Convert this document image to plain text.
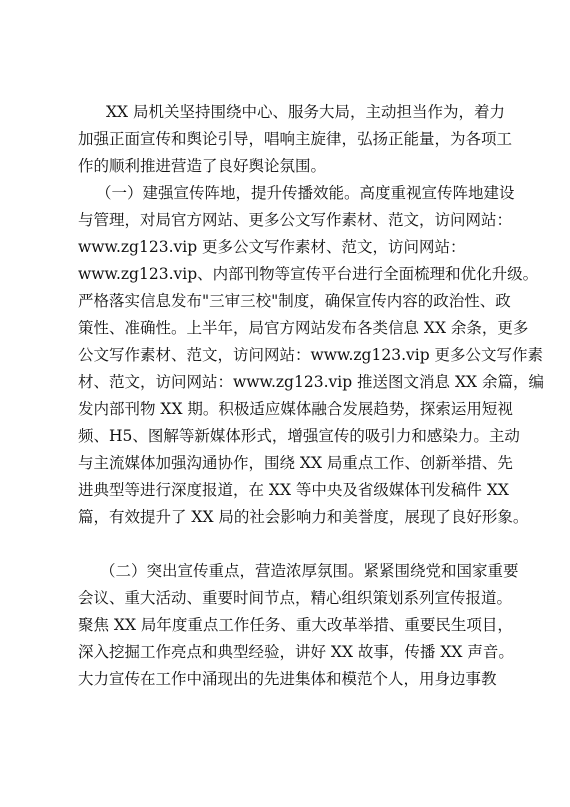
XX 局机关坚持围绕中心、服务大局，主动担当作为，着力

加强正面宣传和舆论引导，唱响主旋律，弘扬正能量，为各项工

作的顺利推进营造了良好舆论氛围。

（一）建强宣传阵地，提升传播效能。高度重视宣传阵地建设

与管理，对局官方网站、更多公文写作素材、范文，访问网站：

www.zg123.vip 更多公文写作素材、范文，访问网站：

www.zg123.vip、内部刊物等宣传平台进行全面梳理和优化升级。

严格落实信息发布"三审三校"制度，确保宣传内容的政治性、政

策性、准确性。上半年，局官方网站发布各类信息 XX 余条，更多

公文写作素材、范文，访问网站：www.zg123.vip 更多公文写作素

材、范文，访问网站：www.zg123.vip 推送图文消息 XX 余篇，编

发内部刊物 XX 期。积极适应媒体融合发展趋势，探索运用短视

频、H5、图解等新媒体形式，增强宣传的吸引力和感染力。主动

与主流媒体加强沟通协作，围绕 XX 局重点工作、创新举措、先

进典型等进行深度报道，在 XX 等中央及省级媒体刊发稿件 XX

篇，有效提升了 XX 局的社会影响力和美誉度，展现了良好形象。

（二）突出宣传重点，营造浓厚氛围。紧紧围绕党和国家重要

会议、重大活动、重要时间节点，精心组织策划系列宣传报道。

聚焦 XX 局年度重点工作任务、重大改革举措、重要民生项目，

深入挖掘工作亮点和典型经验，讲好 XX 故事，传播 XX 声音。

大力宣传在工作中涌现出的先进集体和模范个人，用身边事教
